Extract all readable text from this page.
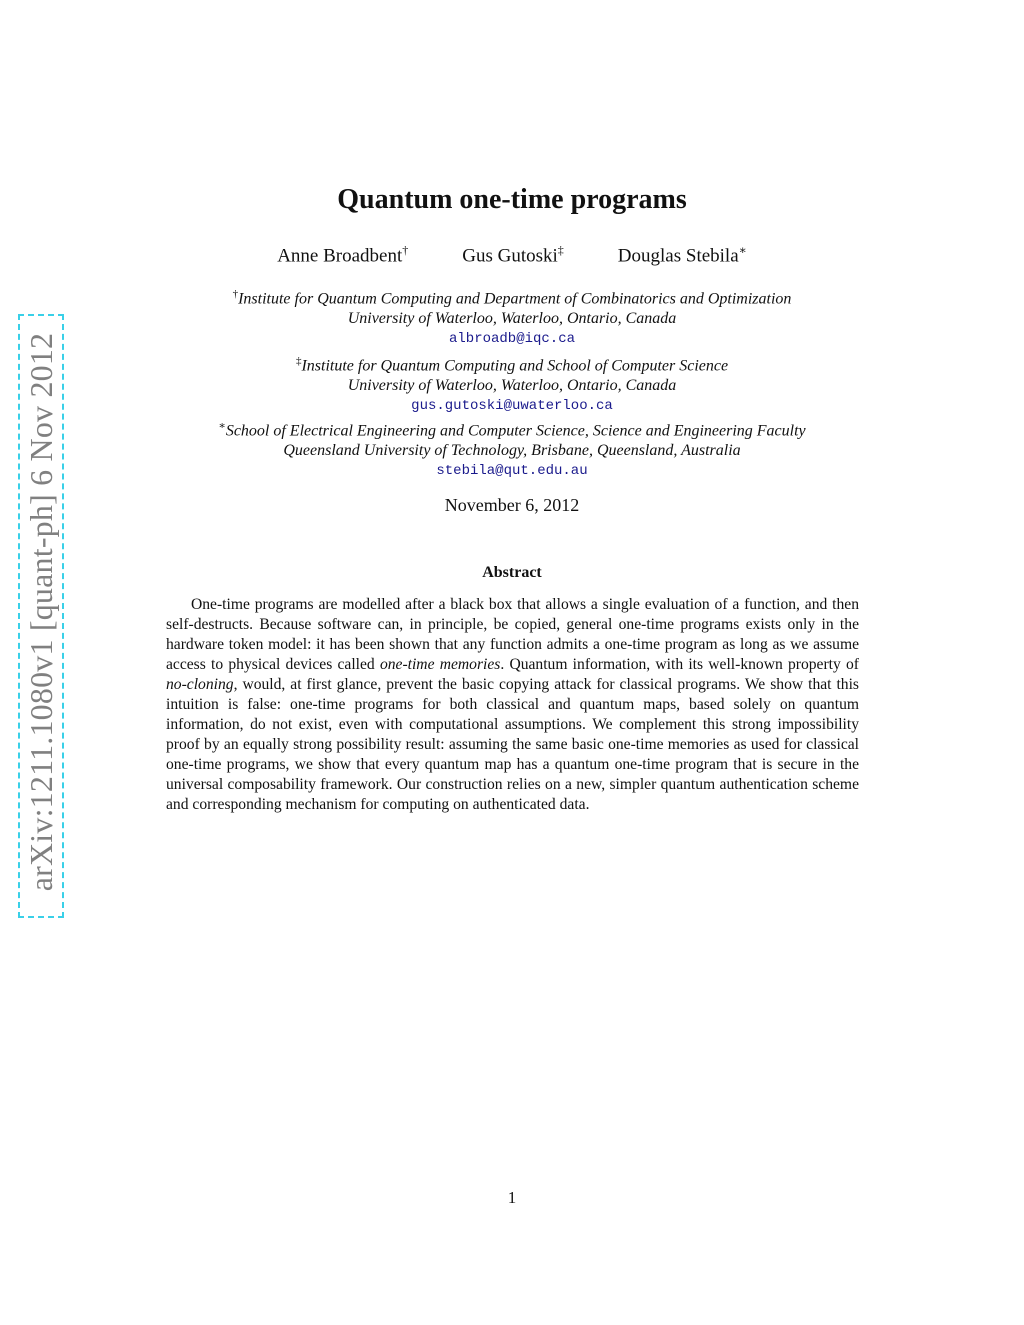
arXiv:1211.1080v1 [quant-ph] 6 Nov 2012
Quantum one-time programs
Anne Broadbent†	Gus Gutoski‡	Douglas Stebila∗
†Institute for Quantum Computing and Department of Combinatorics and Optimization
University of Waterloo, Waterloo, Ontario, Canada
albroadb@iqc.ca
‡Institute for Quantum Computing and School of Computer Science
University of Waterloo, Waterloo, Ontario, Canada
gus.gutoski@uwaterloo.ca
∗School of Electrical Engineering and Computer Science, Science and Engineering Faculty
Queensland University of Technology, Brisbane, Queensland, Australia
stebila@qut.edu.au
November 6, 2012
Abstract
One-time programs are modelled after a black box that allows a single evaluation of a function, and then self-destructs. Because software can, in principle, be copied, general one-time programs exists only in the hardware token model: it has been shown that any function admits a one-time program as long as we assume access to physical devices called one-time memories. Quantum information, with its well-known property of no-cloning, would, at first glance, prevent the basic copying attack for classical programs. We show that this intuition is false: one-time programs for both classical and quantum maps, based solely on quantum information, do not exist, even with computational assumptions. We complement this strong impossibility proof by an equally strong possibility result: assuming the same basic one-time memories as used for classical one-time programs, we show that every quantum map has a quantum one-time program that is secure in the universal composability framework. Our construction relies on a new, simpler quantum authentication scheme and corresponding mechanism for computing on authenticated data.
1
